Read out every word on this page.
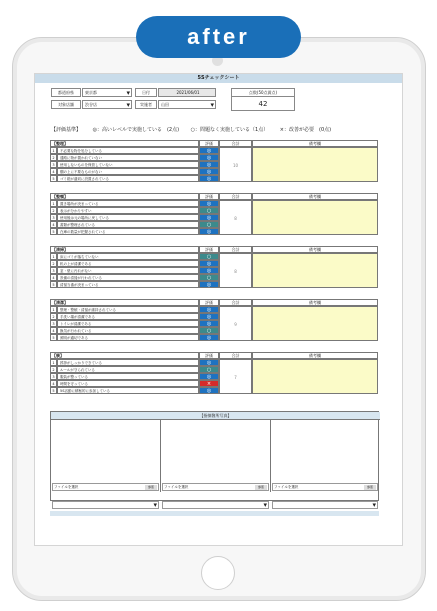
after
5Sチェックシート
都道府県	東京都 ▾	日付	2021/06/01
対象店舗	渋谷店 ▾	実施者	山田 ▾
点数(50点満点)
42
【評価基準】 ◎：高いレベルで実施している　(2点) ○：問題なく実施している（1点） ×：改善が必要　(0点)
【整理】	評価	合計	備考欄
10
1	不必要な物を処分している	◎
2	通路に物が置かれていない	◎
3	使用しないものを保管していない	◎
4	棚の上に不要なものがない	◎
5	ゴミ箱が適切に設置されている	◎
【整頓】	評価	合計	備考欄
8
1	置き場所が決まっている	◎
2	表示が分かりやすい	○
3	使用後は元の場所に戻している	◎
4	書類が整理されている	○
5	在庫の数量が把握されている	◎
【清掃】	評価	合計	備考欄
8
1	床にゴミが落ちていない	○
2	机の上が清潔である	◎
3	窓・壁に汚れがない	◎
4	設備の清掃が行われている	○
5	清掃当番が決まっている	◎
【清潔】	評価	合計	備考欄
9
1	整理・整頓・清掃が維持されている	◎
2	手洗い場が清潔である	◎
3	トイレが清潔である	◎
4	換気が行われている	○
5	照明が適切である	◎
【躾】	評価	合計	備考欄
7
1	挨拶がしっかりできている	◎
2	ルールが守られている	○
3	服装が整っている	◎
4	時間を守っている	×
5	5S活動に積極的に参加している	◎
【指摘箇所写真】
ファイルを選択	参照	ファイルを選択	参照	ファイルを選択	参照
▾
▾
▾
